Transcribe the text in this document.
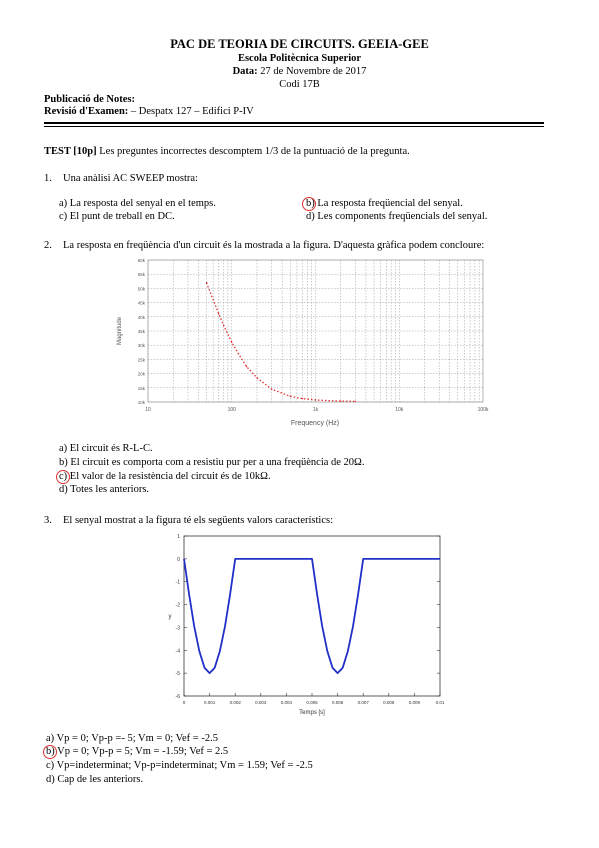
PAC DE TEORIA DE CIRCUITS. GEEIA-GEE
Escola Politècnica Superior
Data: 27 de Novembre de 2017
Codi 17B
Publicació de Notes:
Revisió d'Examen: – Despatx 127 – Edifici P-IV
TEST [10p] Les preguntes incorrectes descomptem 1/3 de la puntuació de la pregunta.
1. Una anàlisi AC SWEEP mostra:
a) La resposta del senyal en el temps.	b) La resposta freqüencial del senyal.
c) El punt de treball en DC.	d) Les components freqüencials del senyal.
2. La resposta en freqüència d'un circuit és la mostrada a la figura. D'aquesta gràfica podem concloure:
60k
55k
50k
45k
40k
35k
30k
25k
20k
15k
10k
10	100	1k	10k	100k
Frequency (Hz)
Magnitude
a) El circuit és R-L-C.
b) El circuit es comporta com a resistiu pur per a una freqüència de 20Ω.
c) El valor de la resistència del circuit és de 10kΩ.
d) Totes les anteriors.
3. El senyal mostrat a la figura té els següents valors característics:
1
0
-1
-2
-3
-4
-5
-6
0	0.001	0.002	0.003	0.004	0.005	0.006	0.007	0.008	0.009	0.01
Temps [s]
y
a) Vp = 0; Vp-p =- 5; Vm = 0; Vef = -2.5
b) Vp = 0; Vp-p = 5; Vm = -1.59; Vef = 2.5
c) Vp=indeterminat; Vp-p=indeterminat; Vm = 1.59; Vef = -2.5
d) Cap de les anteriors.
